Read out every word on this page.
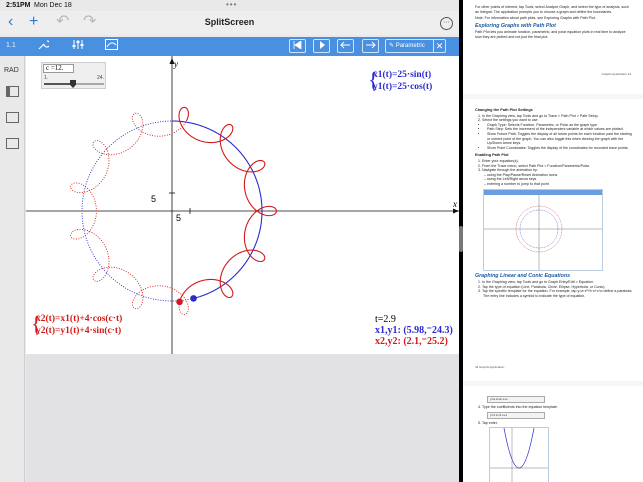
2:51PM Mon Dec 18	•••
‹ + ↶ ↷	SplitScreen	···
1.1	✎ Parametric	✕
RAD
x
y
5
5
c =12.
1.	24.	{
x1(t)=25·sin(t)
y1(t)=25·cos(t)
{
x2(t)=x1(t)+4·cos(c·t)
y2(t)=y1(t)+4·sin(c·t)
t=2.9
x1,y1: (5.98,⁻24.3)
x2,y2: (2.1,⁻25.2)

For other points of interest, tap Tools, select Analyze Graph, and select the type of analysis, such as Integral. The application prompts you to choose a graph and define the boundaries.

Note: For information about path plots, see Exploring Graphs with Path Plot.

Exploring Graphs with Path Plot

Path Plot lets you animate function, parametric, and polar equation plots in real time to analyze how they are plotted and not just the final plot.

Graphs Application 43
Changing the Path Plot Settings
1. In the Graphing view, tap Tools and go to Trace > Path Plot > Path Setup.
2. Select the settings you want to use.
• Graph Type: Selects Function, Parametric, or Polar as the graph type.
• Path Step: Sets the increment of the independent variable at which values are plotted.
• Show Future Path: Toggles the display of all future points for each function past the starting or current point of the graph. You can also toggle this when viewing the graph with the Up/Down arrow keys.
• Show Point Coordinates: Toggles the display of the coordinates for recorded trace points.
Enabling Path Plot
1. Enter your equation(s).
2. From the Trace menu, select Path Plot > Function/Parametric/Polar.
3. Navigate through the animation by:
– using the Play/Pause/Reset Animation icons
– using the Left/Right arrow keys
– entering a number to jump to that point
Graphing Linear and Conic Equations
1. In the Graphing view, tap Tools and go to Graph Entry/Edit > Equation.
2. Tap the type of equation (Line, Parabola, Circle, Ellipse, Hyperbola, or Conic).
3. Tap the specific template for the equation. For example, tap y=a·x²+b·x+c to define a parabola.

The entry line includes a symbol to indicate the type of equation.

44 Graphs Application
y=a·x²+b·x+c
4. Type the coefficients into the equation template.
y=1·x²-3·x+1
5. Tap enter.
